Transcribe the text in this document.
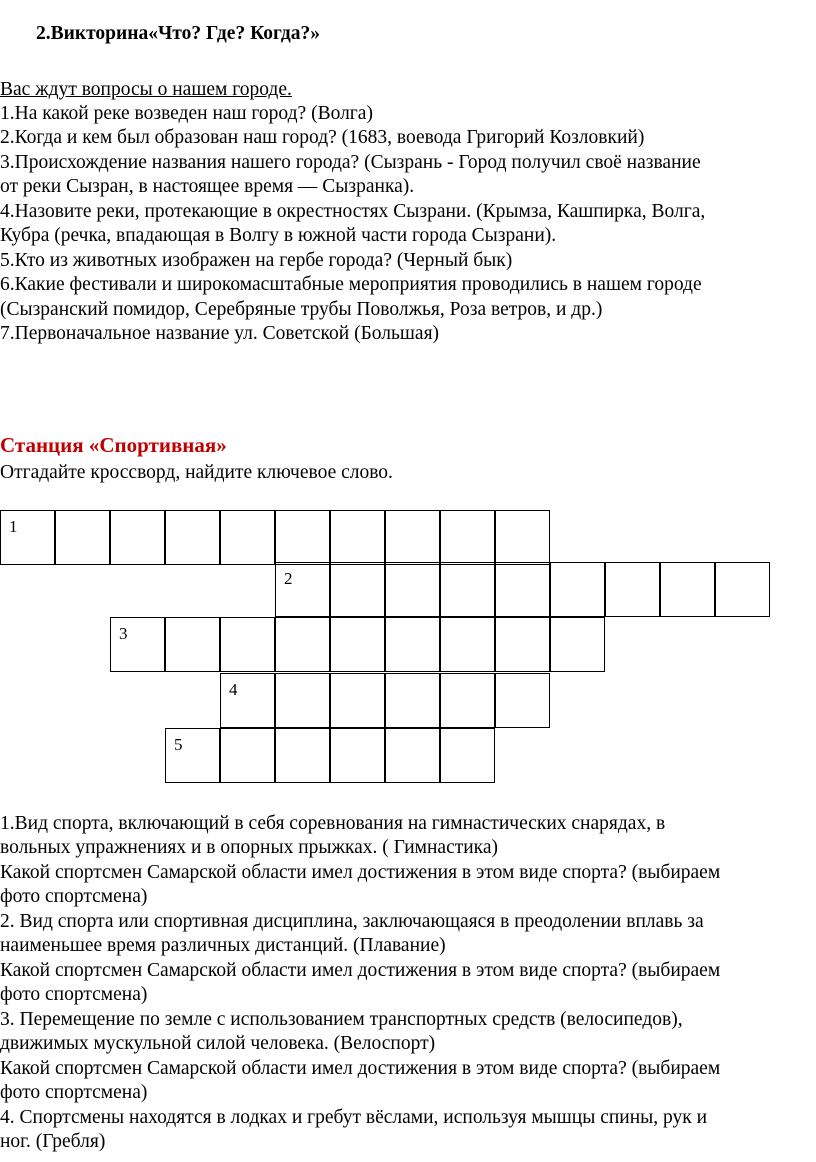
2.Викторина«Что? Где? Когда?»
Вас ждут вопросы о нашем городе.
1.На какой реке возведен наш город? (Волга)
2.Когда и кем был образован наш город? (1683, воевода Григорий Козловкий)
3.Происхождение названия нашего города? (Сызрань - Город получил своё название
от реки Сызран, в настоящее время — Сызранка).
4.Назовите реки, протекающие в окрестностях Сызрани. (Крымза, Кашпирка, Волга,
Кубра (речка, впадающая в Волгу в южной части города Сызрани).
5.Кто из животных изображен на гербе города? (Черный бык)
6.Какие фестивали и широкомасштабные мероприятия проводились в нашем городе
(Сызранский помидор, Серебряные трубы Поволжья, Роза ветров, и др.)
7.Первоначальное название ул. Советской (Большая)
Станция «Спортивная»
Отгадайте кроссворд, найдите ключевое слово.
1
2
3
4
5
1.Вид спорта, включающий в себя соревнования на гимнастических снарядах, в
вольных упражнениях и в опорных прыжках. ( Гимнастика)
Какой спортсмен Самарской области имел достижения в этом виде спорта? (выбираем
фото спортсмена)
2. Вид спорта или спортивная дисциплина, заключающаяся в преодолении вплавь за
наименьшее время различных дистанций. (Плавание)
Какой спортсмен Самарской области имел достижения в этом виде спорта? (выбираем
фото спортсмена)
3. Перемещение по земле с использованием транспортных средств (велосипедов),
движимых мускульной силой человека. (Велоспорт)
Какой спортсмен Самарской области имел достижения в этом виде спорта? (выбираем
фото спортсмена)
4. Спортсмены находятся в лодках и гребут вёслами, используя мышцы спины, рук и
ног. (Гребля)
